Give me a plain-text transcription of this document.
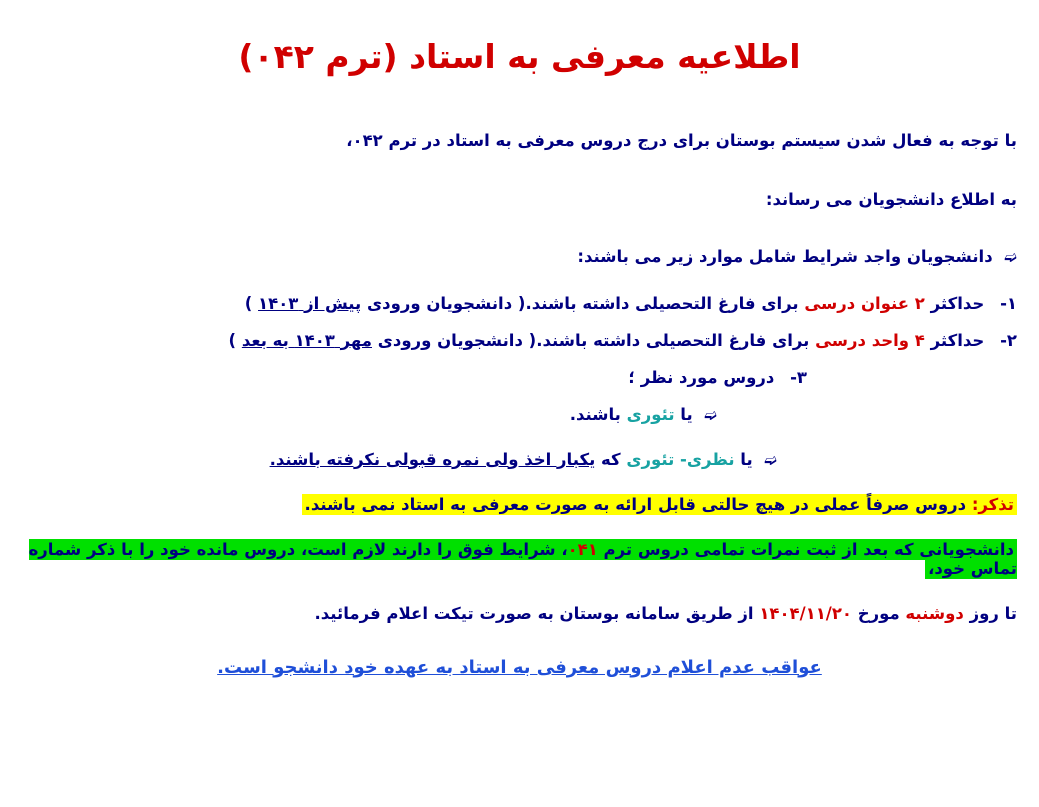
اطلاعیه معرفی به استاد (ترم ۰۴۲)
با توجه به فعال شدن سیستم بوستان برای درج دروس معرفی به استاد در ترم ۰۴۲،
به اطلاع دانشجویان می رساند:
➫ دانشجویان واجد شرایط شامل موارد زیر می باشند:
۱- حداکثر ۲ عنوان درسی برای فارغ التحصیلی داشته باشند.( دانشجویان ورودی پیش از ۱۴۰۳ )
۲- حداکثر ۴ واحد درسی برای فارغ التحصیلی داشته باشند.( دانشجویان ورودی مهر ۱۴۰۳ به بعد )
۳- دروس مورد نظر ؛
➫ یا تئوری باشند.
➫ یا نظری- تئوری که یکبار اخذ ولی نمره قبولی نکرفته باشند.
تذکر: دروس صرفاً عملی در هیچ حالتی قابل ارائه به صورت معرفی به استاد نمی باشند.
دانشجویانی که بعد از ثبت نمرات تمامی دروس ترم ۰۴۱، شرایط فوق را دارند لازم است، دروس مانده خود را با ذکر شماره تماس خود،
تا روز دوشنبه مورخ ۱۴۰۴/۱۱/۲۰ از طریق سامانه بوستان به صورت تیکت اعلام فرمائید.
عواقب عدم اعلام دروس معرفی به استاد به عهده خود دانشجو است.
